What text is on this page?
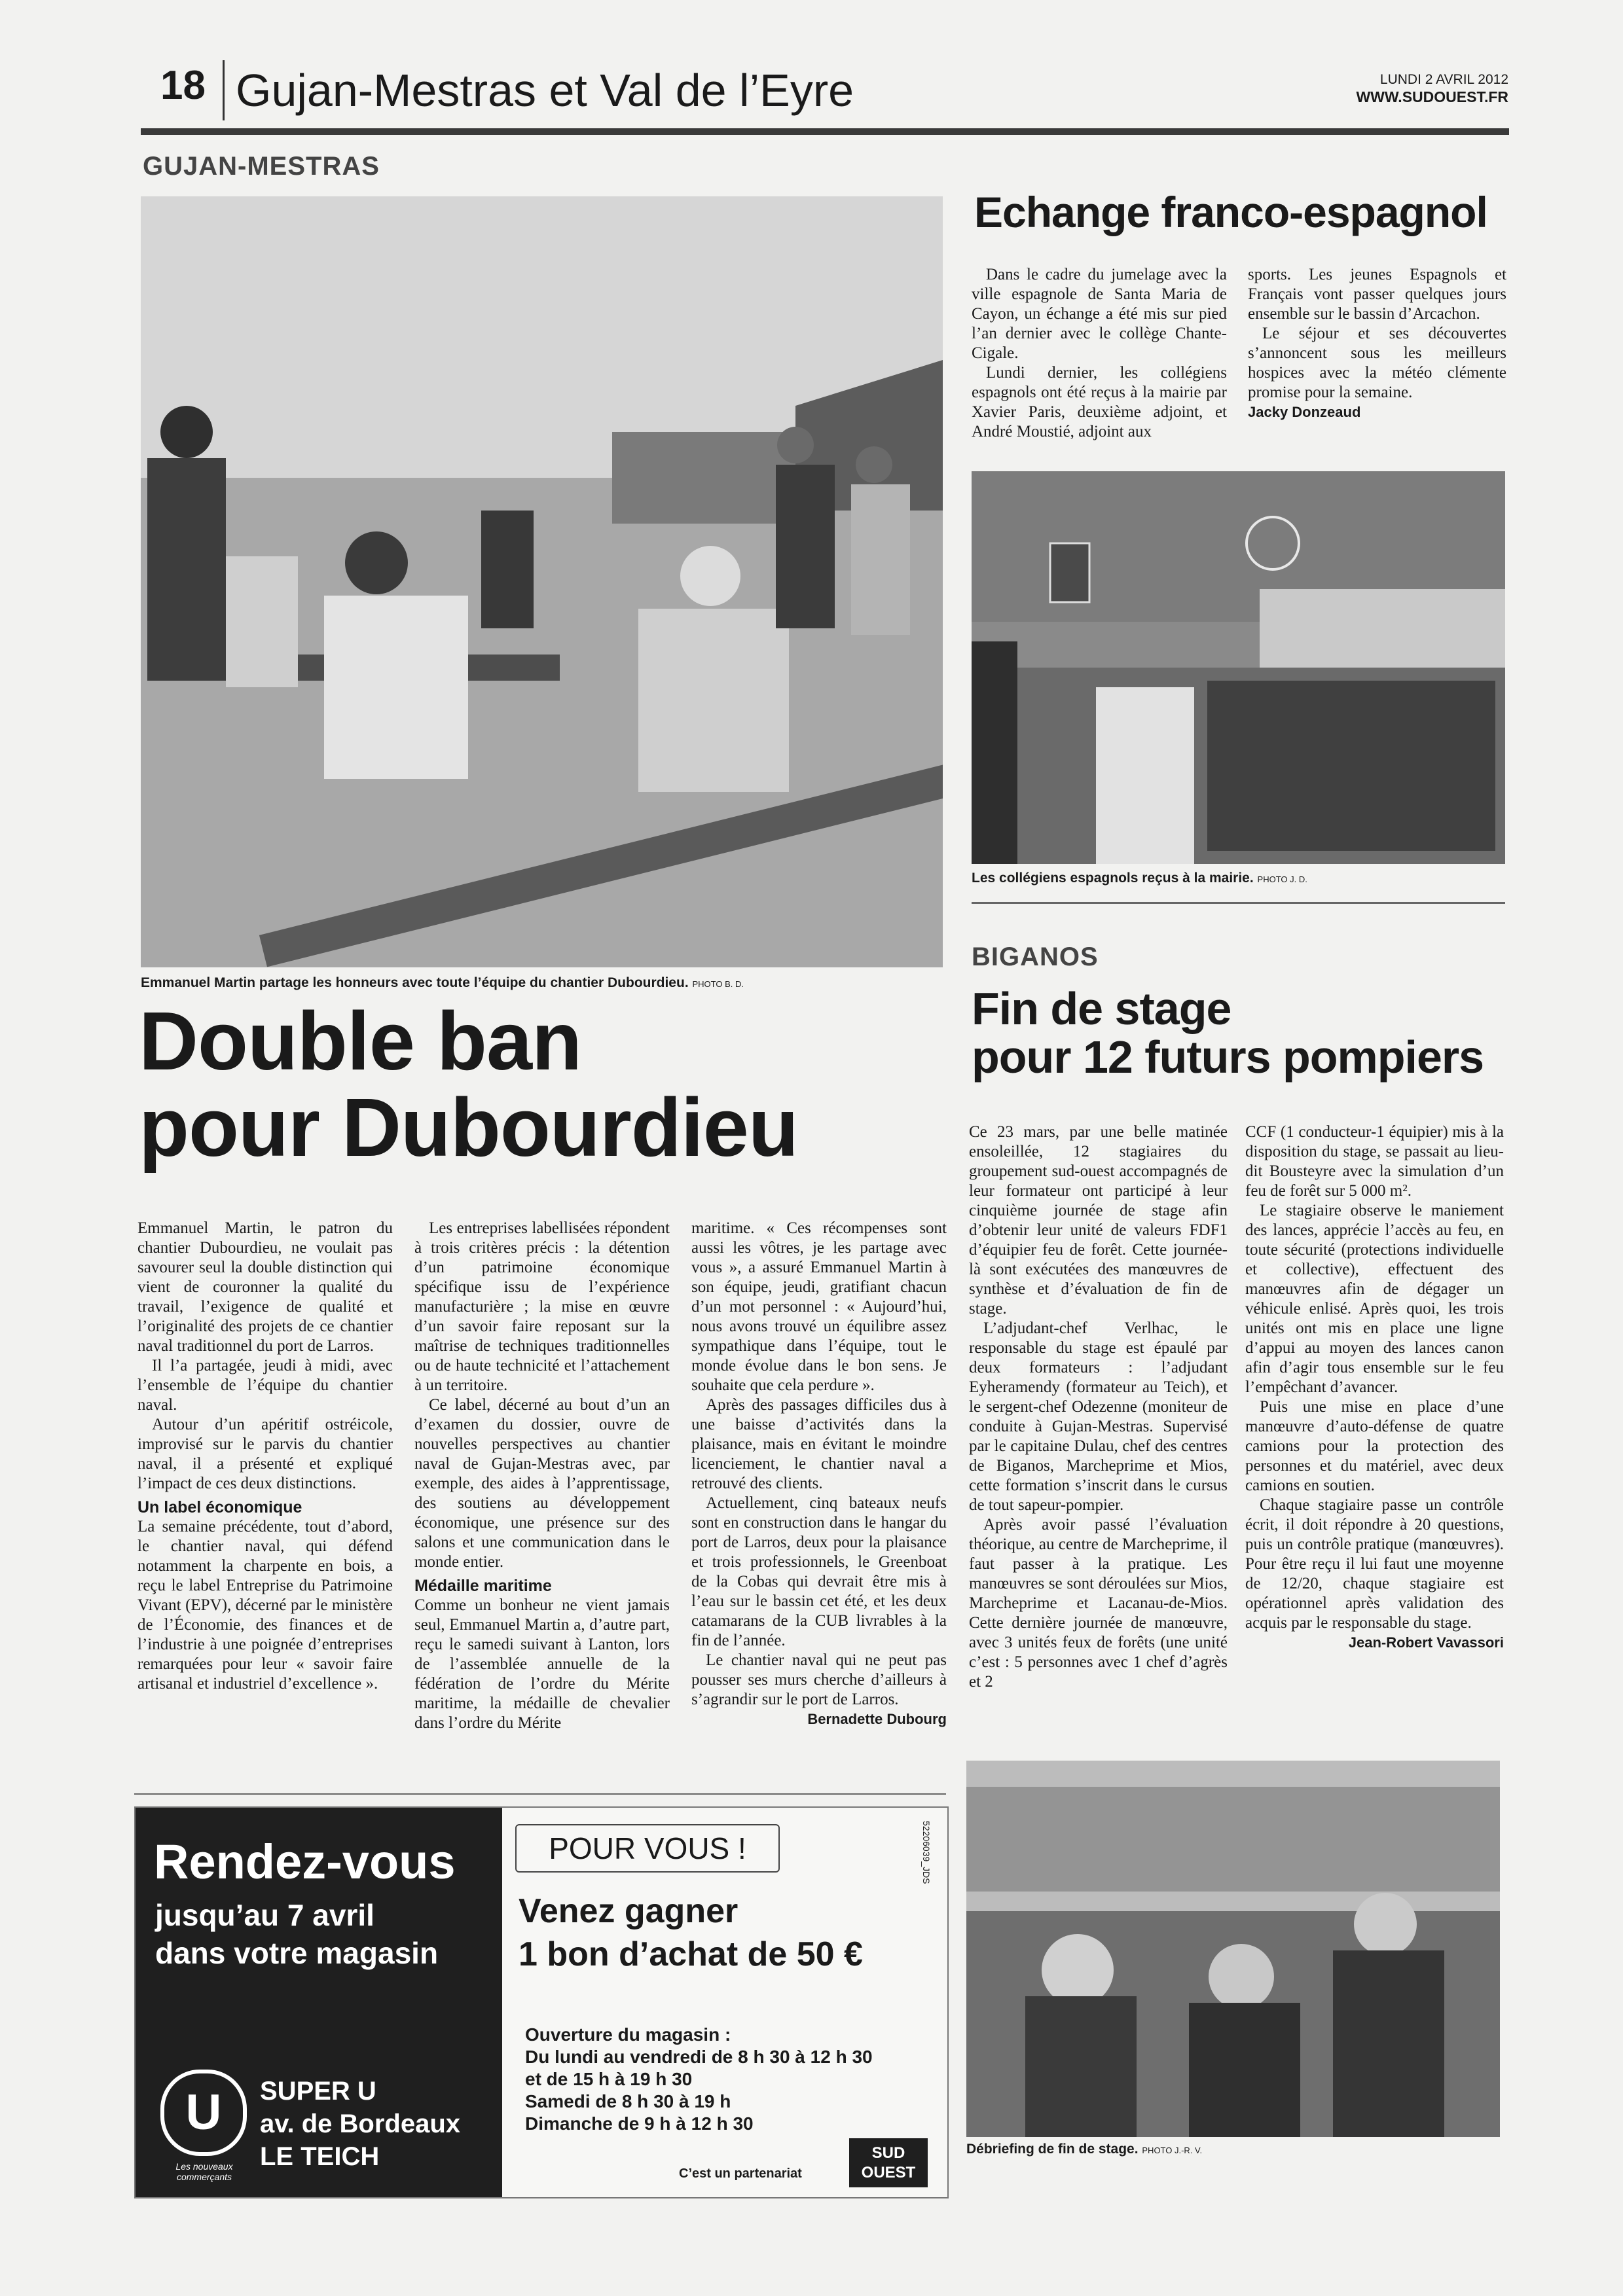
18 Gujan-Mestras et Val de l’Eyre	LUNDI 2 AVRIL 2012
WWW.SUDOUEST.FR
GUJAN-MESTRAS
Emmanuel Martin partage les honneurs avec toute l’équipe du chantier Dubourdieu. PHOTO B. D.
Double ban
pour Dubourdieu

Emmanuel Martin, le patron du chantier Dubourdieu, ne voulait pas savourer seul la double distinction qui vient de couronner la qualité du travail, l’exigence de qualité et l’originalité des projets de ce chantier naval traditionnel du port de Larros.

Il l’a partagée, jeudi à midi, avec l’ensemble de l’équipe du chantier naval.

Autour d’un apéritif ostréicole, improvisé sur le parvis du chantier naval, il a présenté et expliqué l’impact de ces deux distinctions.

Un label économique

La semaine précédente, tout d’abord, le chantier naval, qui défend notamment la charpente en bois, a reçu le label Entreprise du Patrimoine Vivant (EPV), décerné par le ministère de l’Économie, des finances et de l’industrie à une poignée d’entreprises remarquées pour leur « savoir faire artisanal et industriel d’excellence ».

Les entreprises labellisées répondent à trois critères précis : la détention d’un patrimoine économique spécifique issu de l’expérience manufacturière ; la mise en œuvre d’un savoir faire reposant sur la maîtrise de techniques traditionnelles ou de haute technicité et l’attachement à un territoire.

Ce label, décerné au bout d’un an d’examen du dossier, ouvre de nouvelles perspectives au chantier naval de Gujan-Mestras avec, par exemple, des aides à l’apprentissage, des soutiens au développement économique, une présence sur des salons et une communication dans le monde entier.

Médaille maritime

Comme un bonheur ne vient jamais seul, Emmanuel Martin a, d’autre part, reçu le samedi suivant à Lanton, lors de l’assemblée annuelle de la fédération de l’ordre du Mérite maritime, la médaille de chevalier dans l’ordre du Mérite

maritime. « Ces récompenses sont aussi les vôtres, je les partage avec vous », a assuré Emmanuel Martin à son équipe, jeudi, gratifiant chacun d’un mot personnel : « Aujourd’hui, nous avons trouvé un équilibre assez sympathique dans l’équipe, tout le monde évolue dans le bon sens. Je souhaite que cela perdure ».

Après des passages difficiles dus à une baisse d’activités dans la plaisance, mais en évitant le moindre licenciement, le chantier naval a retrouvé des clients.

Actuellement, cinq bateaux neufs sont en construction dans le hangar du port de Larros, deux pour la plaisance et trois professionnels, le Greenboat de la Cobas qui devrait être mis à l’eau sur le bassin cet été, et les deux catamarans de la CUB livrables à la fin de l’année.

Le chantier naval qui ne peut pas pousser ses murs cherche d’ailleurs à s’agrandir sur le port de Larros.

Bernadette Dubourg
Echange franco-espagnol

Dans le cadre du jumelage avec la ville espagnole de Santa Maria de Cayon, un échange a été mis sur pied l’an dernier avec le collège Chante-Cigale.

Lundi dernier, les collégiens espagnols ont été reçus à la mairie par Xavier Paris, deuxième adjoint, et André Moustié, adjoint aux

sports. Les jeunes Espagnols et Français vont passer quelques jours ensemble sur le bassin d’Arcachon.

Le séjour et ses découvertes s’annoncent sous les meilleurs hospices avec la météo clémente promise pour la semaine.

Jacky Donzeaud
Les collégiens espagnols reçus à la mairie. PHOTO J. D.
BIGANOS
Fin de stage
pour 12 futurs pompiers

Ce 23 mars, par une belle matinée ensoleillée, 12 stagiaires du groupement sud-ouest accompagnés de leur formateur ont participé à leur cinquième journée de stage afin d’obtenir leur unité de valeurs FDF1 d’équipier feu de forêt. Cette journée-là sont exécutées des manœuvres de synthèse et d’évaluation de fin de stage.

L’adjudant-chef Verlhac, le responsable du stage est épaulé par deux formateurs : l’adjudant Eyheramendy (formateur au Teich), et le sergent-chef Odezenne (moniteur de conduite à Gujan-Mestras. Supervisé par le capitaine Dulau, chef des centres de Biganos, Marcheprime et Mios, cette formation s’inscrit dans le cursus de tout sapeur-pompier.

Après avoir passé l’évaluation théorique, au centre de Marcheprime, il faut passer à la pratique. Les manœuvres se sont déroulées sur Mios, Marcheprime et Lacanau-de-Mios. Cette dernière journée de manœuvre, avec 3 unités feux de forêts (une unité c’est : 5 personnes avec 1 chef d’agrès et 2

CCF (1 conducteur-1 équipier) mis à la disposition du stage, se passait au lieu-dit Bousteyre avec la simulation d’un feu de forêt sur 5 000 m².

Le stagiaire observe le maniement des lances, apprécie l’accès au feu, en toute sécurité (protections individuelle et collective), effectuent des manœuvres afin de dégager un véhicule enlisé. Après quoi, les trois unités ont mis en place une ligne d’appui au moyen des lances canon afin d’agir tous ensemble sur le feu l’empêchant d’avancer.

Puis une mise en place d’une manœuvre d’auto-défense de quatre camions pour la protection des personnes et du matériel, avec deux camions en soutien.

Chaque stagiaire passe un contrôle écrit, il doit répondre à 20 questions, puis un contrôle pratique (manœuvres). Pour être reçu il lui faut une moyenne de 12/20, chaque stagiaire est opérationnel après validation des acquis par le responsable du stage.

Jean-Robert Vavassori
Débriefing de fin de stage. PHOTO J.-R. V.
Rendez-vous
jusqu’au 7 avril
dans votre magasin
U
Les nouveaux commerçants
SUPER U
av. de Bordeaux
LE TEICH
POUR VOUS !	52206039_JDS
Venez gagner
1 bon d’achat de 50 €
Ouverture du magasin :
Du lundi au vendredi de 8 h 30 à 12 h 30
et de 15 h à 19 h 30
Samedi de 8 h 30 à 19 h
Dimanche de 9 h à 12 h 30
C’est un partenariat
SUD
OUEST
